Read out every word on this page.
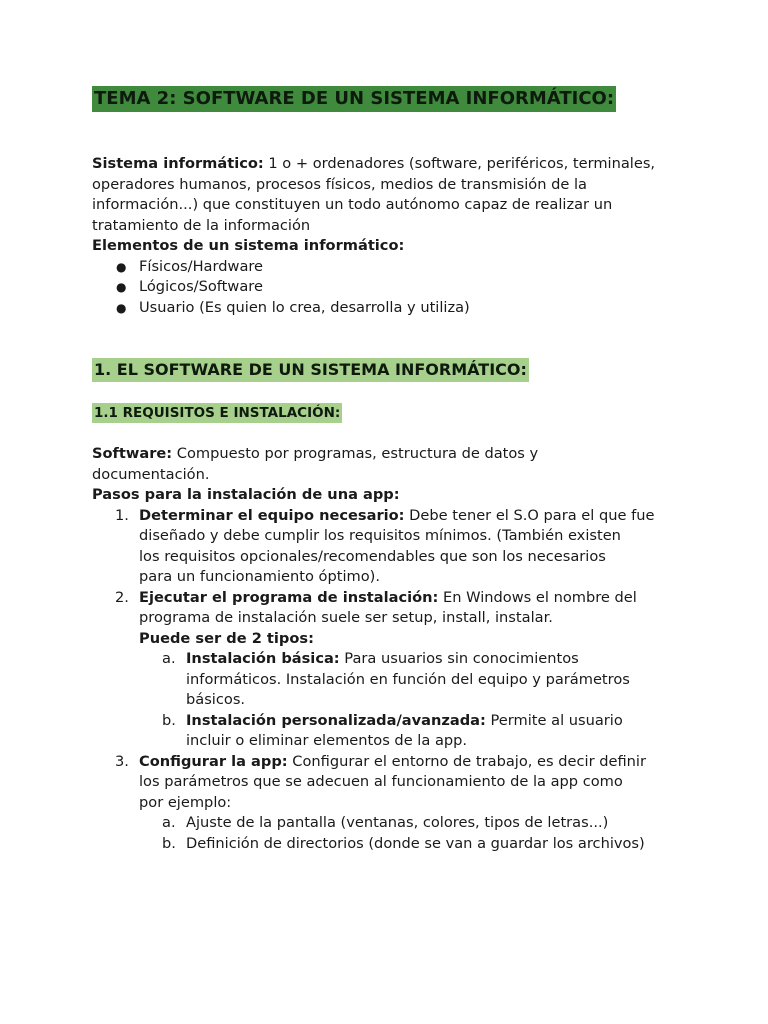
TEMA 2: SOFTWARE DE UN SISTEMA INFORMÁTICO:
Sistema informático: 1 o + ordenadores (software, periféricos, terminales,
operadores humanos, procesos físicos, medios de transmisión de la
información...) que constituyen un todo autónomo capaz de realizar un
tratamiento de la información
Elementos de un sistema informático:
● Físicos/Hardware
● Lógicos/Software
● Usuario (Es quien lo crea, desarrolla y utiliza)
1. EL SOFTWARE DE UN SISTEMA INFORMÁTICO:
1.1 REQUISITOS E INSTALACIÓN:
Software: Compuesto por programas, estructura de datos y
documentación.
Pasos para la instalación de una app:
1. Determinar el equipo necesario: Debe tener el S.O para el que fue
diseñado y debe cumplir los requisitos mínimos. (También existen
los requisitos opcionales/recomendables que son los necesarios
para un funcionamiento óptimo).
2. Ejecutar el programa de instalación: En Windows el nombre del
programa de instalación suele ser setup, install, instalar.
Puede ser de 2 tipos:
a. Instalación básica: Para usuarios sin conocimientos
informáticos. Instalación en función del equipo y parámetros
básicos.
b. Instalación personalizada/avanzada: Permite al usuario
incluir o eliminar elementos de la app.
3. Configurar la app: Configurar el entorno de trabajo, es decir definir
los parámetros que se adecuen al funcionamiento de la app como
por ejemplo:
a. Ajuste de la pantalla (ventanas, colores, tipos de letras...)
b. Definición de directorios (donde se van a guardar los archivos)
